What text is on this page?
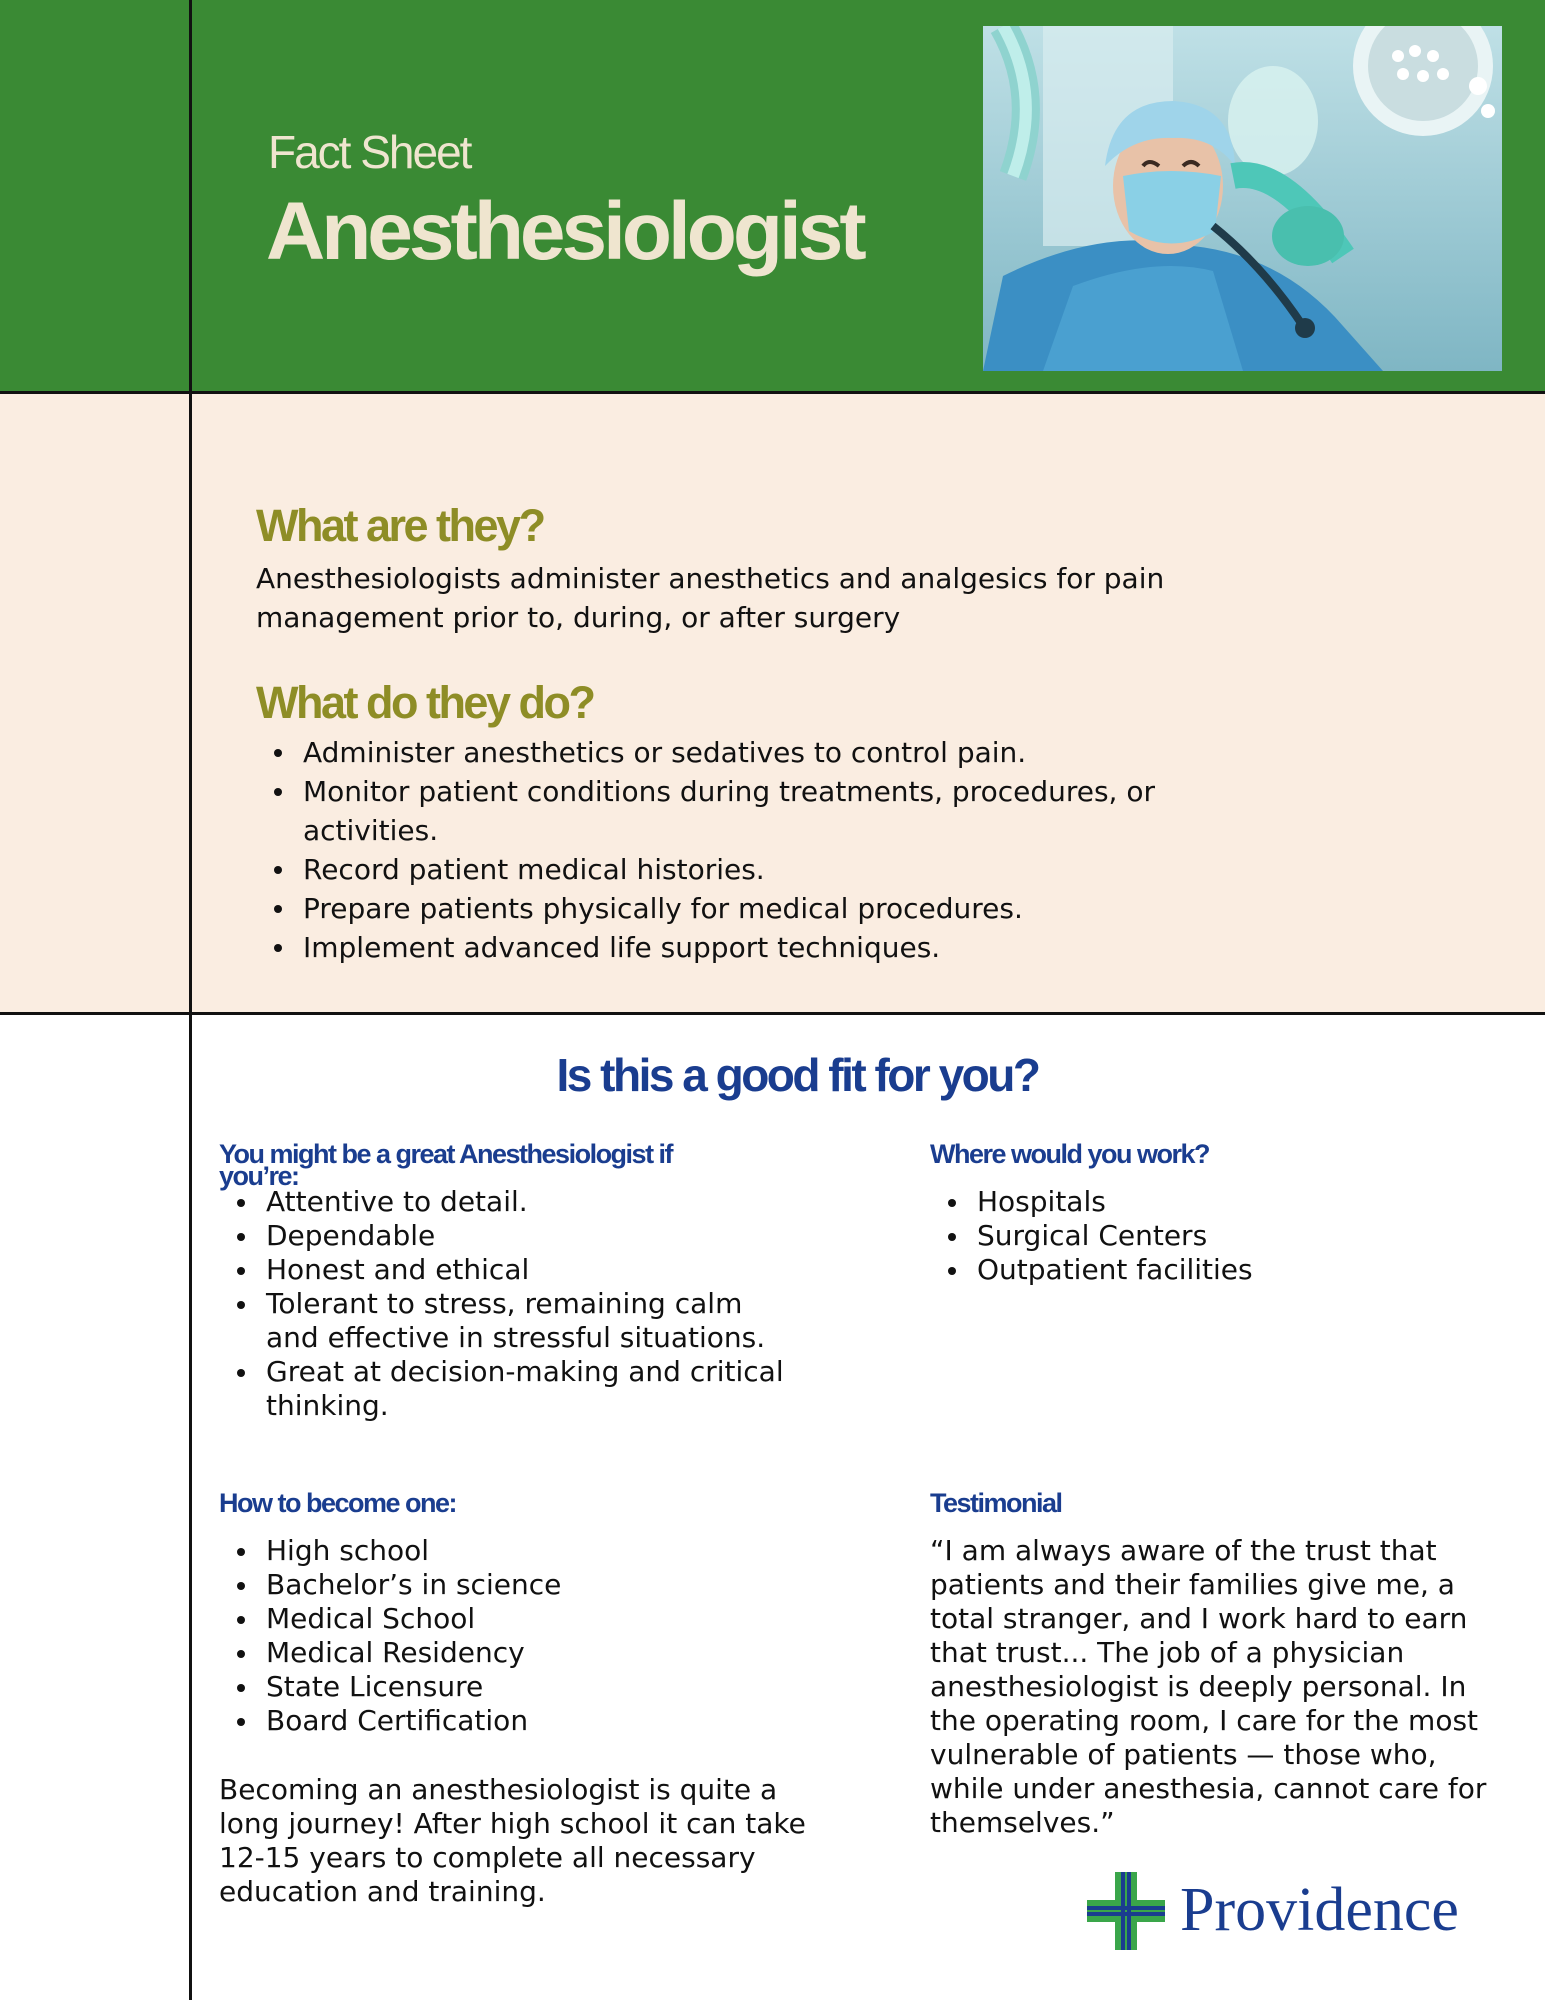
Fact Sheet
Anesthesiologist
What are they?
Anesthesiologists administer anesthetics and analgesics for pain management prior to, during, or after surgery
What do they do?
Administer anesthetics or sedatives to control pain.
Monitor patient conditions during treatments, procedures, or activities.
Record patient medical histories.
Prepare patients physically for medical procedures.
Implement advanced life support techniques.
Is this a good fit for you?
You might be a great Anesthesiologist if you’re:
Attentive to detail.
Dependable
Honest and ethical
Tolerant to stress, remaining calm and effective in stressful situations.
Great at decision-making and critical thinking.
Where would you work?
Hospitals
Surgical Centers
Outpatient facilities
How to become one:
High school
Bachelor’s in science
Medical School
Medical Residency
State Licensure
Board Certification
Becoming an anesthesiologist is quite a long journey! After high school it can take 12-15 years to complete all necessary education and training.
Testimonial
“I am always aware of the trust that patients and their families give me, a total stranger, and I work hard to earn that trust... The job of a physician anesthesiologist is deeply personal. In the operating room, I care for the most vulnerable of patients — those who, while under anesthesia, cannot care for themselves.”
Providence
